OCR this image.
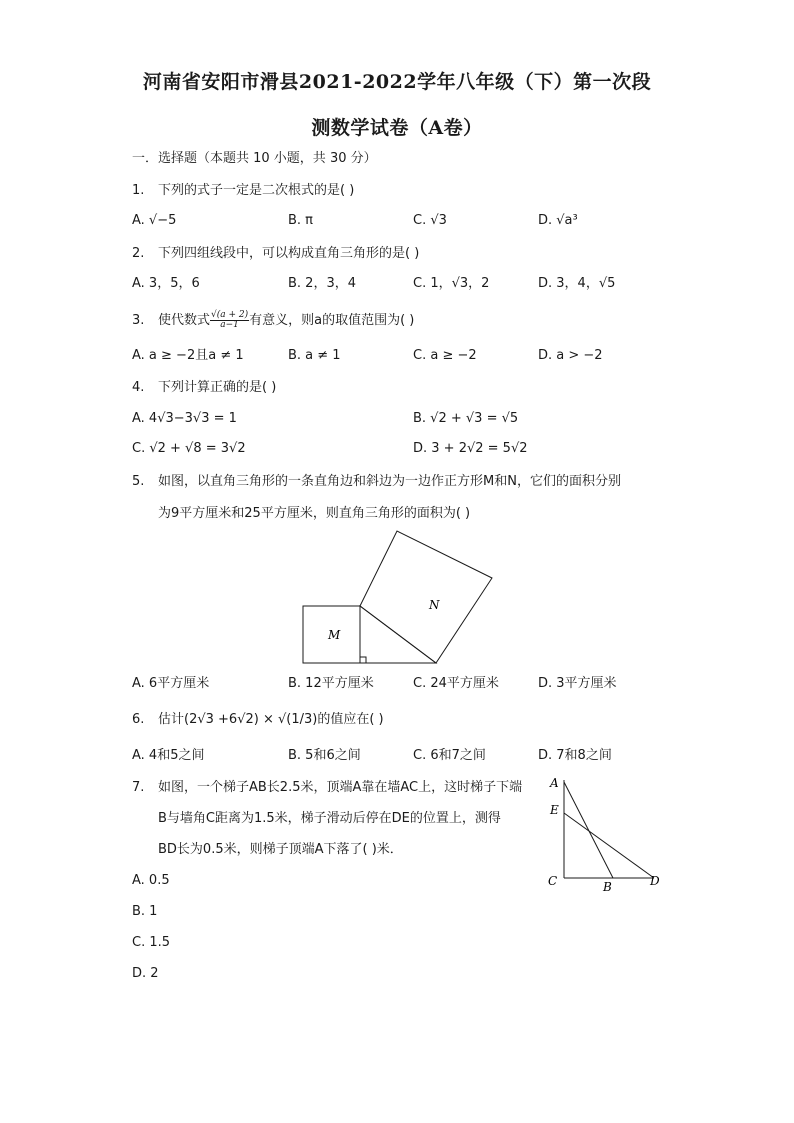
河南省安阳市滑县2021-2022学年八年级（下）第一次段
测数学试卷（A卷）
一．选择题（本题共 10 小题，共 30 分）
1. 下列的式子一定是二次根式的是( )
A. √−5	B. π	C. √3	D. √a³
2. 下列四组线段中，可以构成直角三角形的是( )
A. 3，5，6	B. 2，3，4	C. 1，√3，2	D. 3，4，√5
3. 使代数式 $\frac{√(a + 2)}{a-1}$ 有意义，则a的取值范围为( )
A. a ≥ −2且a ≠ 1	B. a ≠ 1	C. a ≥ −2	D. a > −2
4. 下列计算正确的是( )
A. 4√3−3√3 = 1	B. √2 + √3 = √5
C. √2 + √8 = 3√2	D. 3 + 2√2 = 5√2
5. 如图，以直角三角形的一条直角边和斜边为一边作正方形M和N，它们的面积分别
为9平方厘米和25平方厘米，则直角三角形的面积为( )
M
N
A. 6平方厘米	B. 12平方厘米	C. 24平方厘米	D. 3平方厘米
6. 估计(2√3 +6√2) × √(1/3)的值应在( )
A. 4和5之间	B. 5和6之间	C. 6和7之间	D. 7和8之间
7. 如图，一个梯子AB长2.5米，顶端A靠在墙AC上，这时梯子下端
B与墙角C距离为1.5米，梯子滑动后停在DE的位置上，测得
BD长为0.5米，则梯子顶端A下落了( )米．
A
E
C	B	D
A. 0.5
B. 1
C. 1.5
D. 2
